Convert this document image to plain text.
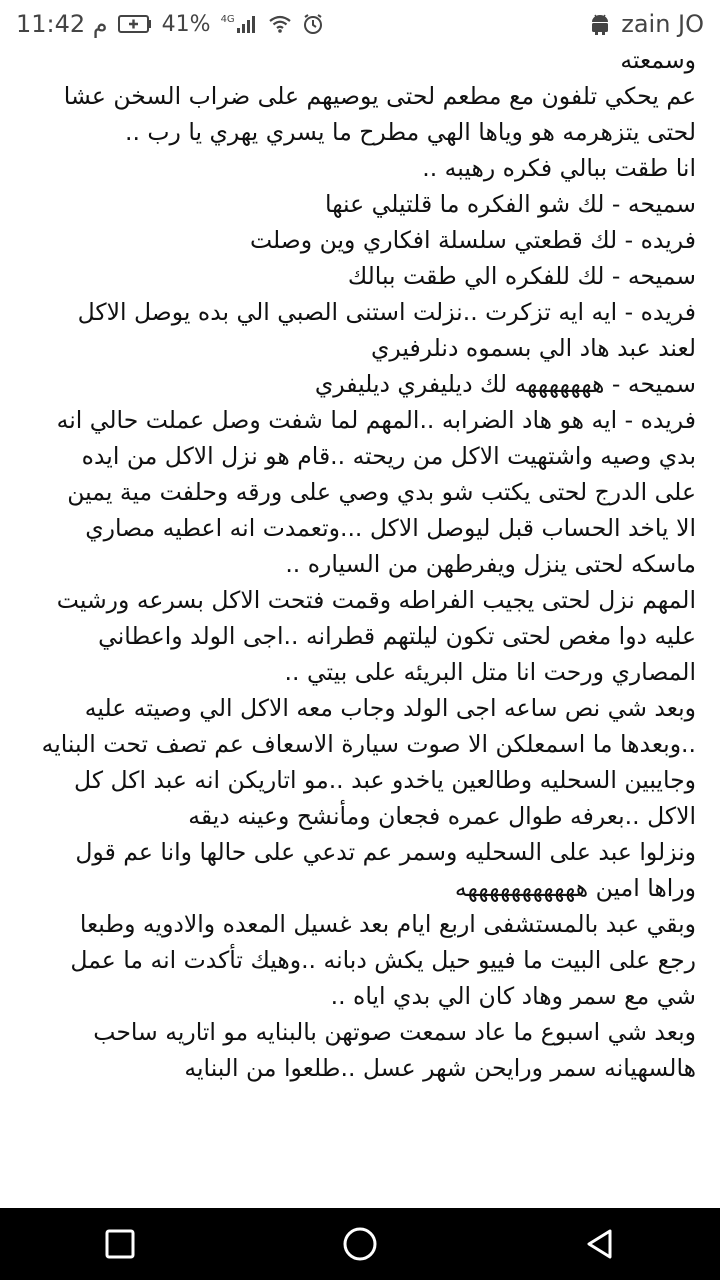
11:42 م 41% 4G	zain JO

وسمعته

عم يحكي تلفون مع مطعم لحتى يوصيهم على ضراب السخن عشا لحتى يتزهرمه هو وياها الهي مطرح ما يسري يهري يا رب ..

انا طقت ببالي فكره رهيبه ..

سميحه - لك شو الفكره ما قلتيلي عنها

فريده - لك قطعتي سلسلة افكاري وين وصلت

سميحه - لك للفكره الي طقت ببالك

فريده - ايه ايه تزكرت ..نزلت استنى الصبي الي بده يوصل الاكل لعند عبد هاد الي بسموه دنلرفيري

سميحه - هههههههه لك ديليفري ديليفري

فريده - ايه هو هاد الضرابه ..المهم لما شفت وصل عملت حالي انه بدي وصيه واشتهيت الاكل من ريحته ..قام هو نزل الاكل من ايده على الدرج لحتى يكتب شو بدي وصي على ورقه وحلفت مية يمين الا ياخد الحساب قبل ليوصل الاكل ...وتعمدت انه اعطيه مصاري ماسكه لحتى ينزل ويفرطهن من السياره ..

المهم نزل لحتى يجيب الفراطه وقمت فتحت الاكل بسرعه ورشيت عليه دوا مغص لحتى تكون ليلتهم قطرانه ..اجى الولد واعطاني المصاري ورحت انا متل البريئه على بيتي ..

وبعد شي نص ساعه اجى الولد وجاب معه الاكل الي وصيته عليه ..وبعدها ما اسمعلكن الا صوت سيارة الاسعاف عم تصف تحت البنايه وجايبين السحليه وطالعين ياخدو عبد ..مو اتاريكن انه عبد اكل كل الاكل ..بعرفه طوال عمره فجعان ومأنشح وعينه ديقه

ونزلوا عبد على السحليه وسمر عم تدعي على حالها وانا عم قول وراها امين هههههههههههه

وبقي عبد بالمستشفى اربع ايام بعد غسيل المعده والادويه وطبعا رجع على البيت ما فييو حيل يكش دبانه ..وهيك تأكدت انه ما عمل شي مع سمر وهاد كان الي بدي اياه ..

وبعد شي اسبوع ما عاد سمعت صوتهن بالبنايه مو اتاريه ساحب هالسهيانه سمر ورايحن شهر عسل ..طلعوا من البنايه
